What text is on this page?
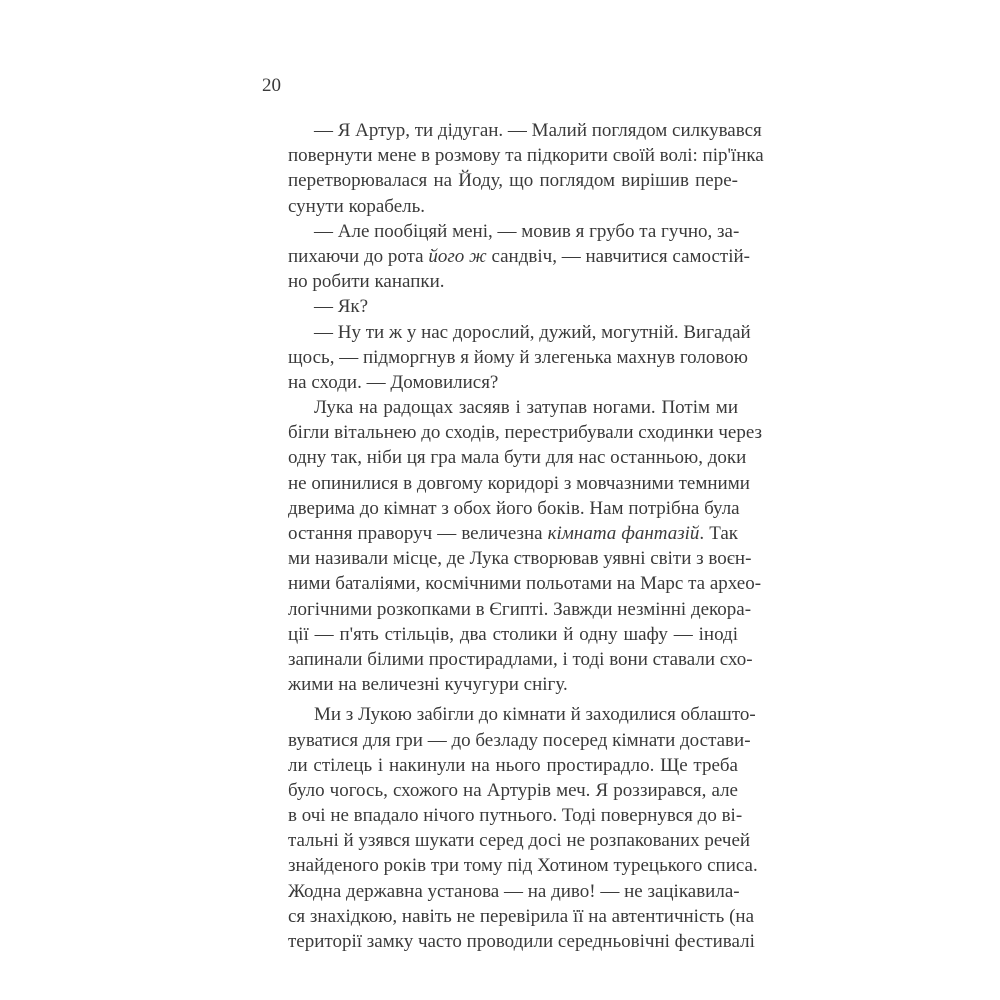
20
— Я Артур, ти дідуган. — Малий поглядом силкувався
повернути мене в розмову та підкорити своїй волі: пір'їнка
перетворювалася на Йоду, що поглядом вирішив пере-
сунути корабель.
— Але пообіцяй мені, — мовив я грубо та гучно, за-
пихаючи до рота його ж сандвіч, — навчитися самостій-
но робити канапки.
— Як?
— Ну ти ж у нас дорослий, дужий, могутній. Вигадай
щось, — підморгнув я йому й злегенька махнув головою
на сходи. — Домовилися?
Лука на радощах засяяв і затупав ногами. Потім ми
бігли вітальнею до сходів, перестрибували сходинки через
одну так, ніби ця гра мала бути для нас останньою, доки
не опинилися в довгому коридорі з мовчазними темними
дверима до кімнат з обох його боків. Нам потрібна була
остання праворуч — величезна кімната фантазій. Так
ми називали місце, де Лука створював уявні світи з воєн-
ними баталіями, космічними польотами на Марс та археo-
логічними розкопками в Єгипті. Завжди незмінні декора-
ції — п'ять стільців, два столики й одну шафу — іноді
запинали білими простирадлами, і тоді вони ставали схо-
жими на величезні кучугури снігу.
Ми з Лукою забігли до кімнати й заходилися облашто-
вуватися для гри — до безладу посеред кімнати достави-
ли стілець і накинули на нього простирадло. Ще треба
було чогось, схожого на Артурів меч. Я роззирався, але
в очі не впадало нічого путнього. Тоді повернувся до ві-
тальні й узявся шукати серед досі не розпакованих речей
знайденого років три тому під Хотином турецького списа.
Жодна державна установа — на диво! — не зацікавила-
ся знахідкою, навіть не перевірила її на автентичність (на
території замку часто проводили середньовічні фестивалі
